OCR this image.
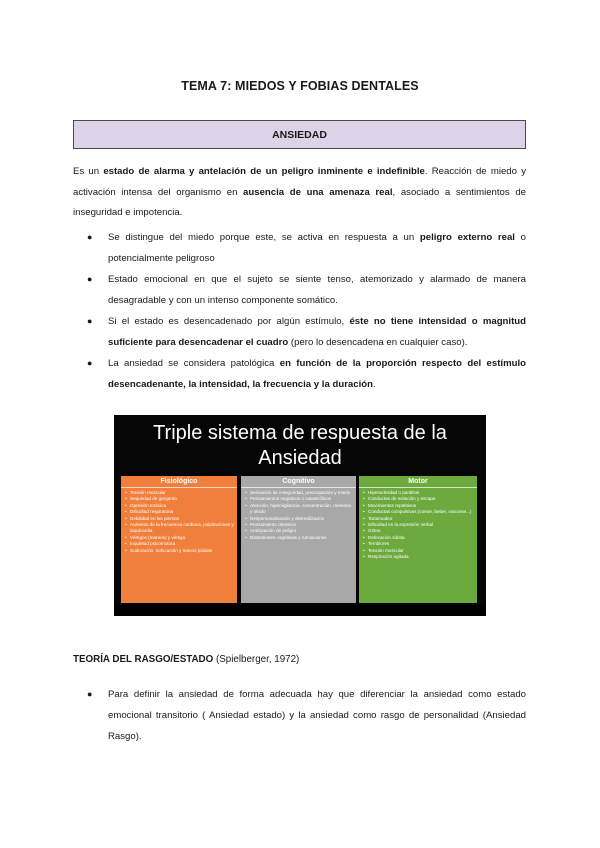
TEMA 7: MIEDOS Y FOBIAS DENTALES
ANSIEDAD

Es un estado de alarma y antelación de un peligro inminente e indefinible. Reacción de miedo y activación intensa del organismo en ausencia de una amenaza real, asociado a sentimientos de inseguridad e impotencia.

● Se distingue del miedo porque este, se activa en respuesta a un peligro externo real o potencialmente peligroso
● Estado emocional en que el sujeto se siente tenso, atemorizado y alarmado de manera desagradable y con un intenso componente somático.
● Si el estado es desencadenado por algún estímulo, éste no tiene intensidad o magnitud suficiente para desencadenar el cuadro (pero lo desencadena en cualquier caso).
● La ansiedad se considera patológica en función de la proporción respecto del estímulo desencadenante, la intensidad, la frecuencia y la duración.
Triple sistema de respuesta de la
Ansiedad
Fisiológico
• Tensión muscular
• Sequedad de garganta
• Opresión torácica
• Dificultad respiratoria
• Debilidad en las piernas
• Aumento de la frecuencia cardiaca, palpitaciones y taquicardia
• Vértigos (mareos) y vértigo
• Inquietud psicomotora
• Sudoración, sofocación y manos pálidas
Cognitivo
• Sensación de inseguridad, preocupación y miedo
• Pensamientos negativos o catastróficos
• Atención, hipervigilancia, concentración, memoria y olvido
• Despersonalización y desrealización
• Pensamiento obsesivo
• Anticipación de peligro
• Distorsiones cognitivas y rumiaciones
Motor
• Hiperactividad o parálisis
• Conductas de evitación y escape
• Movimientos repetitivos
• Conductas compulsivas (comer, beber, rascarse...)
• Tartamudeo
• Dificultad en la expresión verbal
• Gritos
• Defecación súbita
• Temblores
• Tensión muscular
• Respiración agitada
TEORÍA DEL RASGO/ESTADO (Spielberger, 1972)
● Para definir la ansiedad de forma adecuada hay que diferenciar la ansiedad como estado emocional transitorio ( Ansiedad estado) y la ansiedad como rasgo de personalidad (Ansiedad Rasgo).
